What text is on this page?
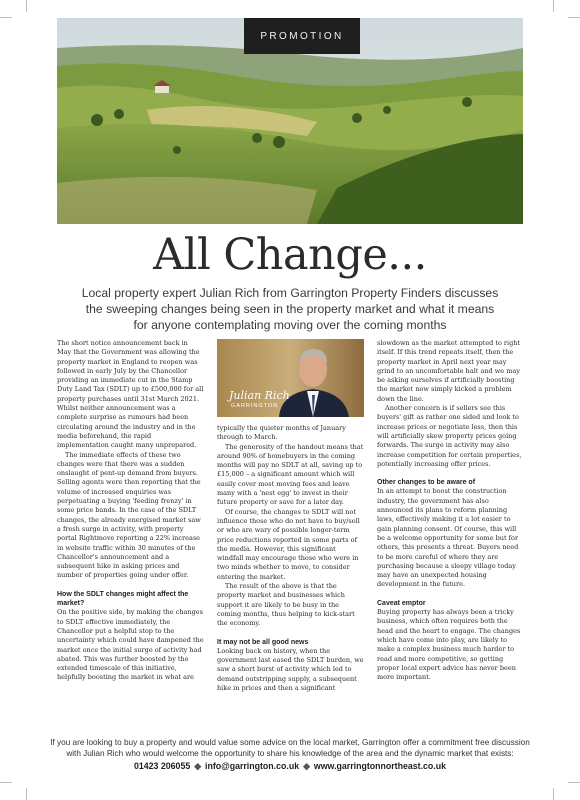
PROMOTION
All Change...
Local property expert Julian Rich from Garrington Property Finders discusses the sweeping changes being seen in the property market and what it means for anyone contemplating moving over the coming months

The short notice announcement back in May that the Government was allowing the property market in England to reopen was followed in early July by the Chancellor providing an immediate cut in the Stamp Duty Land Tax (SDLT) up to £500,000 for all property purchases until 31st March 2021. Whilst neither announcement was a complete surprise as rumours had been circulating around the industry and in the media beforehand, the rapid implementation caught many unprepared.

The immediate effects of these two changes were that there was a sudden onslaught of pent-up demand from buyers. Selling agents were then reporting that the volume of increased enquiries was perpetuating a buying 'feeding frenzy' in some price bands. In the case of the SDLT changes, the already energised market saw a fresh surge in activity, with property portal Rightmove reporting a 22% increase in website traffic within 30 minutes of the Chancellor's announcement and a subsequent hike in asking prices and number of properties going under offer.

How the SDLT changes might affect the market?

On the positive side, by making the changes to SDLT effective immediately, the Chancellor put a helpful stop to the uncertainty which could have dampened the market once the initial surge of activity had abated. This was further boosted by the extended timescale of this initiative, helpfully boosting the market in what are

Julian Rich
GARRINGTON

typically the quieter months of January through to March.

The generosity of the handout means that around 90% of homebuyers in the coming months will pay no SDLT at all, saving up to £15,000 – a significant amount which will easily cover most moving fees and leave many with a 'nest egg' to invest in their future property or save for a later day.

Of course, the changes to SDLT will not influence those who do not have to buy/sell or who are wary of possible longer-term price reductions reported in some parts of the media. However, this significant windfall may encourage those who were in two minds whether to move, to consider entering the market.

The result of the above is that the property market and businesses which support it are likely to be busy in the coming months, thus helping to kick-start the economy.

It may not be all good news

Looking back on history, when the government last eased the SDLT burden, we saw a short burst of activity which led to demand outstripping supply, a subsequent hike in prices and then a significant

slowdown as the market attempted to right itself. If this trend repeats itself, then the property market in April next year may grind to an uncomfortable halt and we may be asking ourselves if artificially boosting the market now simply kicked a problem down the line.

Another concern is if sellers see this buyers' gift as rather one sided and look to increase prices or negotiate less, then this will artificially skew property prices going forwards. The surge in activity may also increase competition for certain properties, potentially increasing offer prices.

Other changes to be aware of

In an attempt to boost the construction industry, the government has also announced its plans to reform planning laws, effectively making it a lot easier to gain planning consent. Of course, this will be a welcome opportunity for some but for others, this presents a threat. Buyers need to be more careful of where they are purchasing because a sleepy village today may have an unexpected housing development in the future.

Caveat emptor

Buying property has always been a tricky business, which often requires both the head and the heart to engage. The changes which have come into play, are likely to make a complex business much harder to read and more competitive, so getting proper local expert advice has never been more important.

If you are looking to buy a property and would value some advice on the local market, Garrington offer a commitment free discussion with Julian Rich who would welcome the opportunity to share his knowledge of the area and the dynamic market that exists:
01423 206055 ◆ info@garrington.co.uk ◆ www.garringtonnortheast.co.uk
